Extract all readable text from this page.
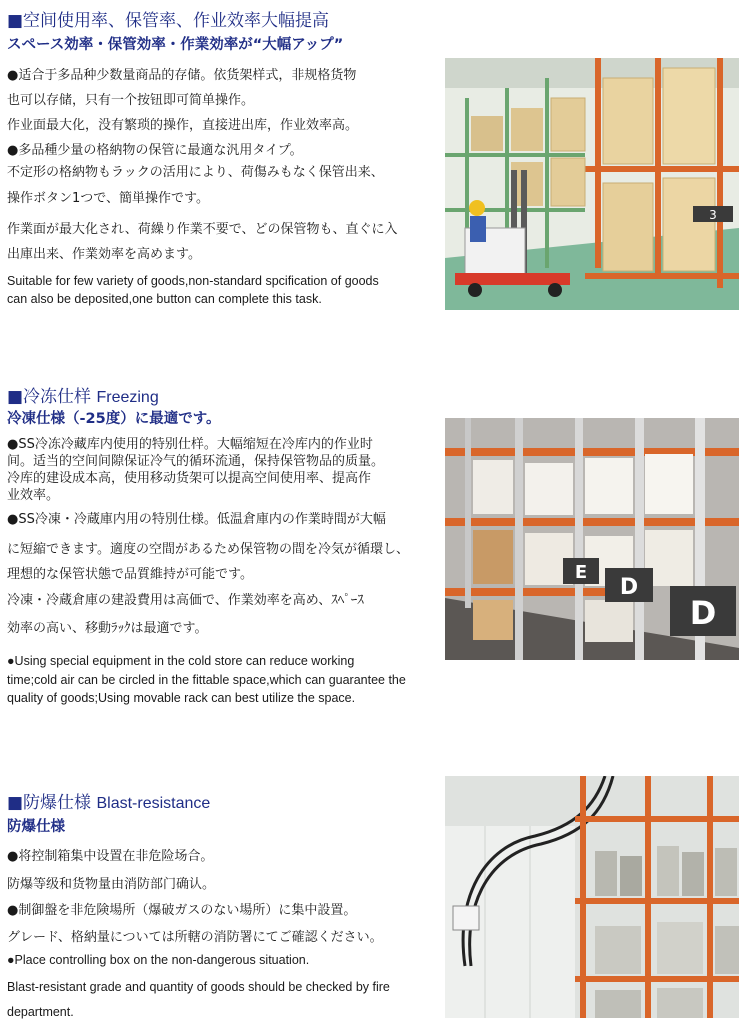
■空间使用率、保管率、作业效率大幅提高
スペース効率・保管効率・作業効率が“大幅アップ”
●适合于多品种少数量商品的存储。依货架样式，非规格货物
也可以存储，只有一个按钮即可简单操作。
作业面最大化，没有繁琐的操作，直接进出库，作业效率高。
●多品種少量の格納物の保管に最適な汎用タイプ。
不定形の格納物もラックの活用により、荷傷みもなく保管出来、
操作ボタン1つで、簡単操作です。
作業面が最大化され、荷繰り作業不要で、どの保管物も、直ぐに入
出庫出来、作業効率を高めます。
Suitable for few variety of goods,non-standard spcification of goods
can also be deposited,one button can complete this task.
3
■冷冻仕样 Freezing
冷凍仕様（-25度）に最適です。
●SS冷冻冷藏库内使用的特别仕样。大幅缩短在冷库内的作业时
间。适当的空间间隙保证冷气的循环流通，保持保管物品的质量。
冷库的建设成本高，使用移动货架可以提高空间使用率、提高作
业效率。
●SS冷凍・冷蔵庫内用の特別仕様。低温倉庫内の作業時間が大幅
に短縮できます。適度の空間があるため保管物の間を冷気が循環し、
理想的な保管状態で品質維持が可能です。
冷凍・冷蔵倉庫の建設費用は高価で、作業効率を高め、ｽﾍﾟｰｽ
効率の高い、移動ﾗｯｸは最適です。
●Using special equipment in the cold store can reduce working
time;cold air can be circled in the fittable space,which can guarantee the
quality of goods;Using movable rack can best utilize the space.
E
D
D
■防爆仕様 Blast-resistance
防爆仕様
●将控制箱集中设置在非危险场合。
防爆等级和货物量由消防部门确认。
●制御盤を非危険場所（爆破ガスのない場所）に集中設置。
グレード、格納量については所轄の消防署にてご確認ください。
●Place controlling box on the non-dangerous situation.
Blast-resistant grade and quantity of goods should be checked by fire
department.
